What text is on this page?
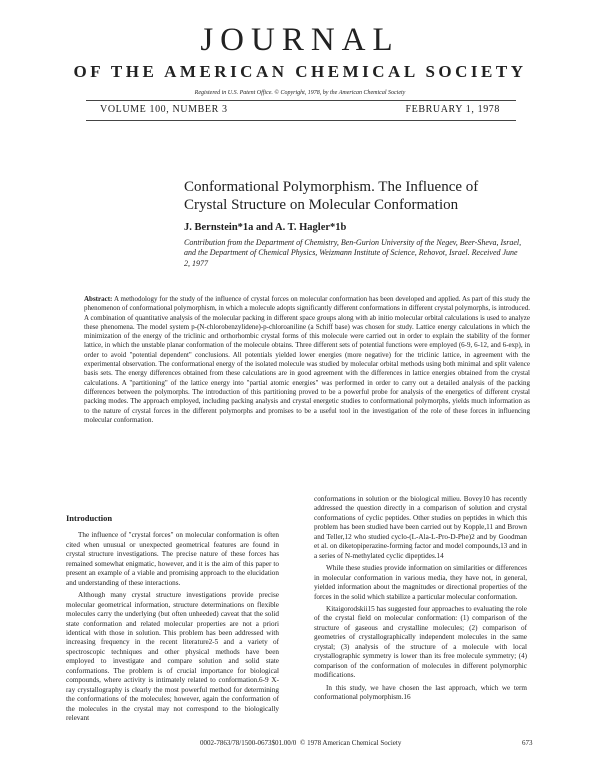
JOURNAL
OF THE AMERICAN CHEMICAL SOCIETY
Registered in U.S. Patent Office. © Copyright, 1978, by the American Chemical Society
VOLUME 100, NUMBER 3	FEBRUARY 1, 1978
Conformational Polymorphism. The Influence of Crystal Structure on Molecular Conformation
J. Bernstein*1a and A. T. Hagler*1b
Contribution from the Department of Chemistry, Ben-Gurion University of the Negev, Beer-Sheva, Israel, and the Department of Chemical Physics, Weizmann Institute of Science, Rehovot, Israel. Received June 2, 1977

Abstract: A methodology for the study of the influence of crystal forces on molecular conformation has been developed and applied. As part of this study the phenomenon of conformational polymorphism, in which a molecule adopts significantly different conformations in different crystal polymorphs, is introduced. A combination of quantitative analysis of the molecular packing in different space groups along with ab initio molecular orbital calculations is used to analyze these phenomena. The model system p-(N-chlorobenzylidene)-p-chloroaniline (a Schiff base) was chosen for study. Lattice energy calculations in which the minimization of the energy of the triclinic and orthorhombic crystal forms of this molecule were carried out in order to explain the stability of the former lattice, in which the unstable planar conformation of the molecule obtains. Three different sets of potential functions were employed (6-9, 6-12, and 6-exp), in order to avoid "potential dependent" conclusions. All potentials yielded lower energies (more negative) for the triclinic lattice, in agreement with the experimental observation. The conformational energy of the isolated molecule was studied by molecular orbital methods using both minimal and split valence basis sets. The energy differences obtained from these calculations are in good agreement with the differences in lattice energies obtained from the crystal calculations. A "partitioning" of the lattice energy into "partial atomic energies" was performed in order to carry out a detailed analysis of the packing differences between the polymorphs. The introduction of this partitioning proved to be a powerful probe for analysis of the energetics of different crystal packing modes. The approach employed, including packing analysis and crystal energetic studies to conformational polymorphs, yields much information as to the nature of crystal forces in the different polymorphs and promises to be a useful tool in the investigation of the role of these forces in influencing molecular conformation.

Introduction

The influence of "crystal forces" on molecular conformation is often cited when unusual or unexpected geometrical features are found in crystal structure investigations. The precise nature of these forces has remained somewhat enigmatic, however, and it is the aim of this paper to present an example of a viable and promising approach to the elucidation and understanding of these interactions.

Although many crystal structure investigations provide precise molecular geometrical information, structure determinations on flexible molecules carry the underlying (but often unheeded) caveat that the solid state conformation and related molecular properties are not a priori identical with those in solution. This problem has been addressed with increasing frequency in the recent literature2-5 and a variety of spectroscopic techniques and other physical methods have been employed to investigate and compare solution and solid state conformations. The problem is of crucial importance for biological compounds, where activity is intimately related to conformation.6-9 X-ray crystallography is clearly the most powerful method for determining the conformations of the molecules; however, again the conformation of the molecules in the crystal may not correspond to the biologically relevant

conformations in solution or the biological milieu. Bovey10 has recently addressed the question directly in a comparison of solution and crystal conformations of cyclic peptides. Other studies on peptides in which this problem has been studied have been carried out by Kopple,11 and Brown and Teller,12 who studied cyclo-(L-Ala-L-Pro-D-Phe)2 and by Goodman et al. on diketopiperazine-forming factor and model compounds,13 and in a series of N-methylated cyclic dipeptides.14

While these studies provide information on similarities or differences in molecular conformation in various media, they have not, in general, yielded information about the magnitudes or directional properties of the forces in the solid which stabilize a particular molecular conformation.

Kitaigorodskii15 has suggested four approaches to evaluating the role of the crystal field on molecular conformation: (1) comparison of the structure of gaseous and crystalline molecules; (2) comparison of geometries of crystallographically independent molecules in the same crystal; (3) analysis of the structure of a molecule with local crystallographic symmetry is lower than its free molecule symmetry; (4) comparison of the conformation of molecules in different polymorphic modifications.

In this study, we have chosen the last approach, which we term conformational polymorphism.16

0002-7863/78/1500-0673$01.00/0 © 1978 American Chemical Society	673
